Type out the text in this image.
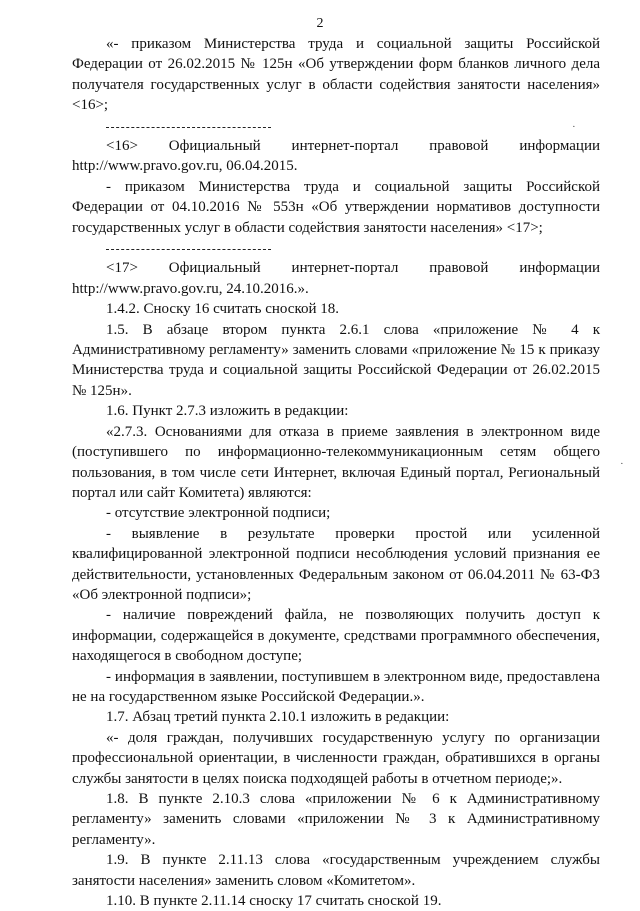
2

«- приказом Министерства труда и социальной защиты Российской Федерации от 26.02.2015 № 125н «Об утверждении форм бланков личного дела получателя государственных услуг в области содействия занятости населения» <16>;

<16> Официальный интернет-портал правовой информации http://www.pravo.gov.ru, 06.04.2015.

- приказом Министерства труда и социальной защиты Российской Федерации от 04.10.2016 № 553н «Об утверждении нормативов доступности государственных услуг в области содействия занятости населения» <17>;

<17> Официальный интернет-портал правовой информации http://www.pravo.gov.ru, 24.10.2016.».

1.4.2. Сноску 16 считать сноской 18.

1.5. В абзаце втором пункта 2.6.1 слова «приложение № 4 к Административному регламенту» заменить словами «приложение № 15 к приказу Министерства труда и социальной защиты Российской Федерации от 26.02.2015 № 125н».

1.6. Пункт 2.7.3 изложить в редакции:

«2.7.3. Основаниями для отказа в приеме заявления в электронном виде (поступившего по информационно-телекоммуникационным сетям общего пользования, в том числе сети Интернет, включая Единый портал, Региональный портал или сайт Комитета) являются:

- отсутствие электронной подписи;

- выявление в результате проверки простой или усиленной квалифицированной электронной подписи несоблюдения условий признания ее действительности, установленных Федеральным законом от 06.04.2011 № 63-ФЗ «Об электронной подписи»;

- наличие повреждений файла, не позволяющих получить доступ к информации, содержащейся в документе, средствами программного обеспечения, находящегося в свободном доступе;

- информация в заявлении, поступившем в электронном виде, предоставлена не на государственном языке Российской Федерации.».

1.7. Абзац третий пункта 2.10.1 изложить в редакции:

«- доля граждан, получивших государственную услугу по организации профессиональной ориентации, в численности граждан, обратившихся в органы службы занятости в целях поиска подходящей работы в отчетном периоде;».

1.8. В пункте 2.10.3 слова «приложении № 6 к Административному регламенту» заменить словами «приложении № 3 к Административному регламенту».

1.9. В пункте 2.11.13 слова «государственным учреждением службы занятости населения» заменить словом «Комитетом».

1.10. В пункте 2.11.14 сноску 17 считать сноской 19.

·
·
